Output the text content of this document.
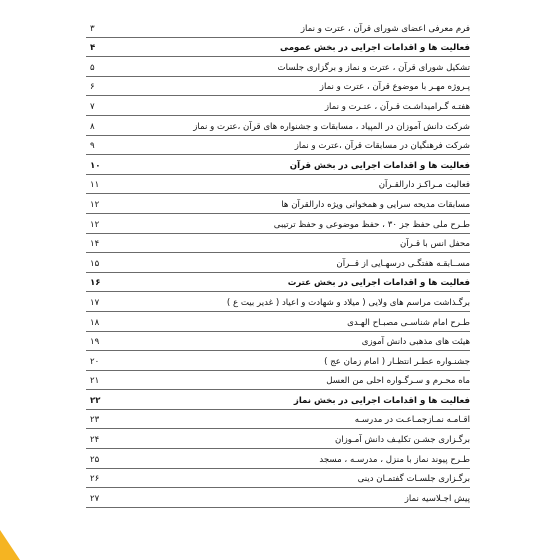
فرم معرفی اعضای شورای قرآن ، عترت و نماز
۳
فعالیت ها و اقدامات اجرایی در بخش عمومی
۴
تشکیل شورای قرآن ، عترت و نماز و برگزاری جلسات
۵
پـروژه مهـر با موضوع قرآن ، عترت و نماز
۶
هفتـه گـرامیداشـت قـرآن ، عتـرت و نماز
۷
شرکت دانش آموزان در المپیاد ، مسابقات و جشنواره های قرآن ،عترت و نماز
۸
شرکت فرهنگیان در مسابقات قرآن ،عترت و نماز
۹
فعالیت ها و اقدامات اجرایی در بخش قرآن
۱۰
فعالیت مـراکـز دارالقـرآن
۱۱
مسابقات مدیحه سرایی و همخوانی ویژه دارالقرآن ها
۱۲
طـرح ملی حفظ جز ۳۰ ، حفظ موضوعی و حفظ ترتیبی
۱۲
محفل انس با قـرآن
۱۴
مســابقـه هفتگـی درسهـایی از قــرآن
۱۵
فعالیت ها و اقدامات اجرایی در بخش عترت
۱۶
برگـذاشت مراسم های ولایی ( میلاد و شهادت و اعیاد ( غدیر بیت ع )
۱۷
طـرح امام شناسـی مصبـاح الهـدی
۱۸
هیئت های مذهبی دانش آموزی
۱۹
جشنـواره عطـر انتظـار ( امام زمان عج )
۲۰
ماه محـرم و سـرگـواره احلی من العسل
۲۱
فعالیت ها و اقدامات اجرایی در بخش نماز
۲۲
اقـامـه نمـازجمـاعـت در مدرسـه
۲۳
برگـزاری جشـن تکلیـف دانش آمـوزان
۲۴
طـرح پیوند نماز با منزل ، مدرسـه ، مسجد
۲۵
برگـزاری جلسـات گفتمـان دینی
۲۶
پیش اجـلاسیه نماز
۲۷
